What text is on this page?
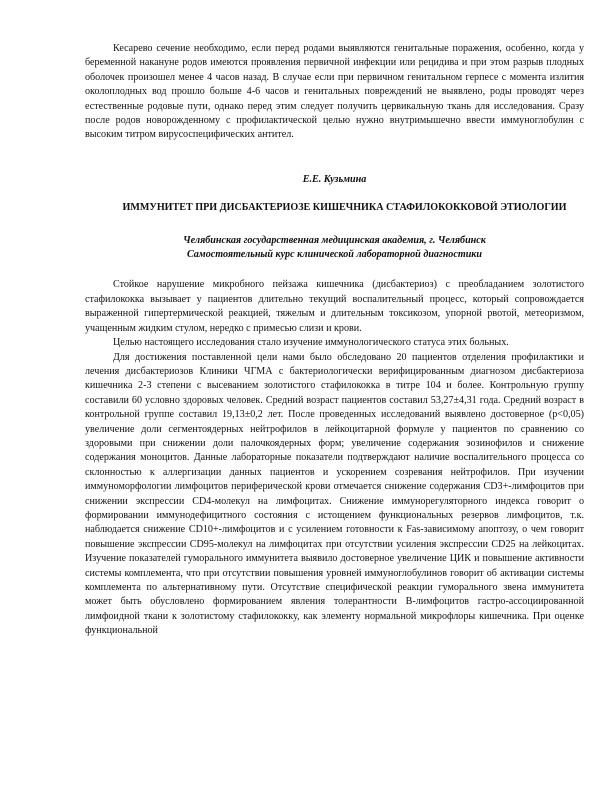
Кесарево сечение необходимо, если перед родами выявляются генитальные поражения, особенно, когда у беременной накануне родов имеются проявления первичной инфекции или рецидива и при этом разрыв плодных оболочек произошел менее 4 часов назад. В случае если при первичном генитальном герпесе с момента излития околоплодных вод прошло больше 4-6 часов и генитальных повреждений не выявлено, роды проводят через естественные родовые пути, однако перед этим следует получить цервикальную ткань для исследования. Сразу после родов новорожденному с профилактической целью нужно внутримышечно ввести иммуноглобулин с высоким титром вирусоспецифических антител.

Е.Е. Кузьмина

ИММУНИТЕТ ПРИ ДИСБАКТЕРИОЗЕ КИШЕЧНИКА СТАФИЛОКОККОВОЙ ЭТИОЛОГИИ

Челябинская государственная медицинская академия, г. Челябинск

Самостоятельный курс клинической лабораторной диагностики

Стойкое нарушение микробного пейзажа кишечника (дисбактериоз) с преобладанием золотистого стафилококка вызывает у пациентов длительно текущий воспалительный процесс, который сопровождается выраженной гипертермической реакцией, тяжелым и длительным токсикозом, упорной рвотой, метеоризмом, учащенным жидким стулом, нередко с примесью слизи и крови.

Целью настоящего исследования стало изучение иммунологического статуса этих больных.

Для достижения поставленной цели нами было обследовано 20 пациентов отделения профилактики и лечения дисбактериозов Клиники ЧГМА с бактериологически верифицированным диагнозом дисбактериоза кишечника 2-3 степени с высеванием золотистого стафилококка в титре 104 и более. Контрольную группу составили 60 условно здоровых человек. Средний возраст пациентов составил 53,27±4,31 года. Средний возраст в контрольной группе составил 19,13±0,2 лет. После проведенных исследований выявлено достоверное (р<0,05) увеличение доли сегментоядерных нейтрофилов в лейкоцитарной формуле у пациентов по сравнению со здоровыми при снижении доли палочкоядерных форм; увеличение содержания эозинофилов и снижение содержания моноцитов. Данные лабораторные показатели подтверждают наличие воспалительного процесса со склонностью к аллергизации данных пациентов и ускорением созревания нейтрофилов. При изучении иммуноморфологии лимфоцитов периферической крови отмечается снижение содержания CD3+-лимфоцитов при снижении экспрессии CD4-молекул на лимфоцитах. Снижение иммунорегуляторного индекса говорит о формировании иммунодефицитного состояния с истощением функциональных резервов лимфоцитов, т.к. наблюдается снижение CD10+-лимфоцитов и с усилением готовности к Fas-зависимому апоптозу, о чем говорит повышение экспрессии CD95-молекул на лимфоцитах при отсутствии усиления экспрессии CD25 на лейкоцитах. Изучение показателей гуморального иммунитета выявило достоверное увеличение ЦИК и повышение активности системы комплемента, что при отсутствии повышения уровней иммуноглобулинов говорит об активации системы комплемента по альтернативному пути. Отсутствие специфической реакции гуморального звена иммунитета может быть обусловлено формированием явления толерантности В-лимфоцитов гастро-ассоциированной лимфоидной ткани к золотистому стафилококку, как элементу нормальной микрофлоры кишечника. При оценке функциональной
